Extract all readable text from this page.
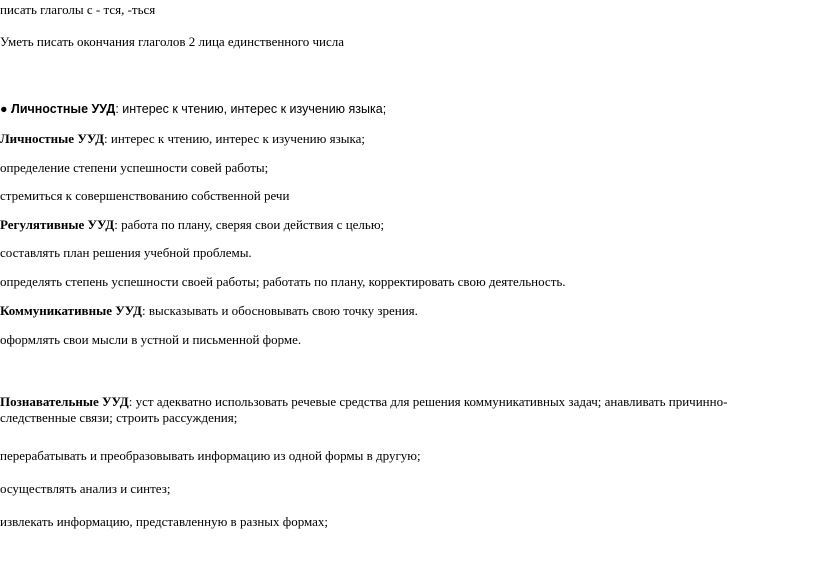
писать глаголы с - тся, -ться
Уметь писать окончания глаголов 2 лица единственного числа
● Личностные УУД: интерес к чтению, интерес к изучению языка;
Личностные УУД: интерес к чтению, интерес к изучению языка;
определение степени успешности совей работы;
стремиться к совершенствованию собственной речи
Регулятивные УУД: работа по плану, сверяя свои действия с целью;
составлять план решения учебной проблемы.
определять степень успешности своей работы; работать по плану, корректировать свою деятельность.
Коммуникативные УУД: высказывать и обосновывать свою точку зрения.
оформлять свои мысли в устной и письменной форме.
Познавательные УУД: уст адекватно использовать речевые средства для решения коммуникативных задач; анавливать причинно-следственные связи; строить рассуждения;
перерабатывать и преобразовывать информацию из одной формы в другую;
осуществлять анализ и синтез;
извлекать информацию, представленную в разных формах;
